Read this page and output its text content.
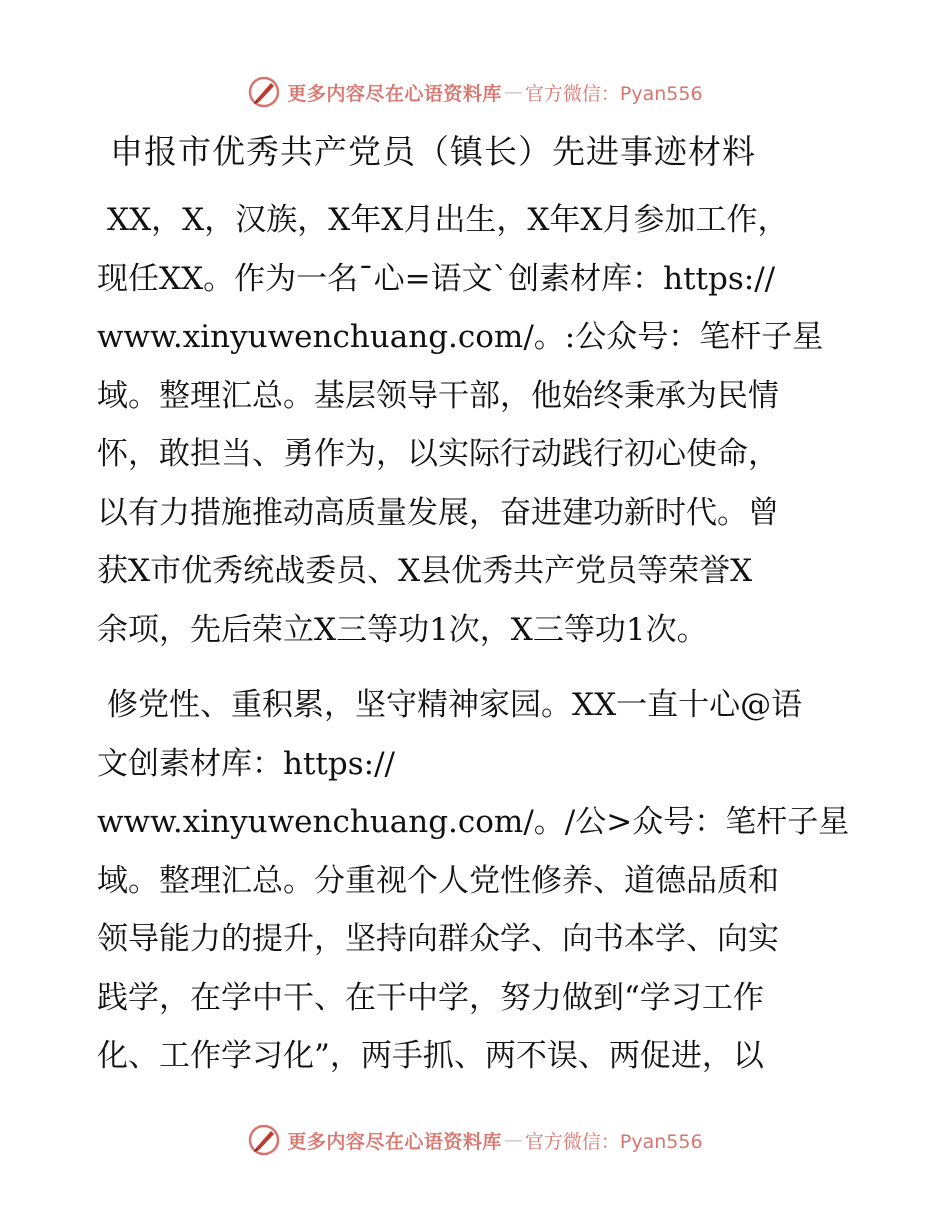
更多内容尽在心语资料库 — 官方微信：Pyan556
申报市优秀共产党员（镇长）先进事迹材料
XX，X，汉族，X年X月出生，X年X月参加工作，
现任XX。作为一名¯心=语文`创素材库：https://
www.xinyuwenchuang.com/。:公众号：笔杆子星
域。整理汇总。基层领导干部，他始终秉承为民情
怀，敢担当、勇作为，以实际行动践行初心使命，
以有力措施推动高质量发展，奋进建功新时代。曾
获X市优秀统战委员、X县优秀共产党员等荣誉X
余项，先后荣立X三等功1次，X三等功1次。
修党性、重积累，坚守精神家园。XX一直十心@语
文创素材库：https://
www.xinyuwenchuang.com/。/公>众号：笔杆子星
域。整理汇总。分重视个人党性修养、道德品质和
领导能力的提升，坚持向群众学、向书本学、向实
践学，在学中干、在干中学，努力做到“学习工作
化、工作学习化”，两手抓、两不误、两促进，以
更多内容尽在心语资料库 — 官方微信：Pyan556
